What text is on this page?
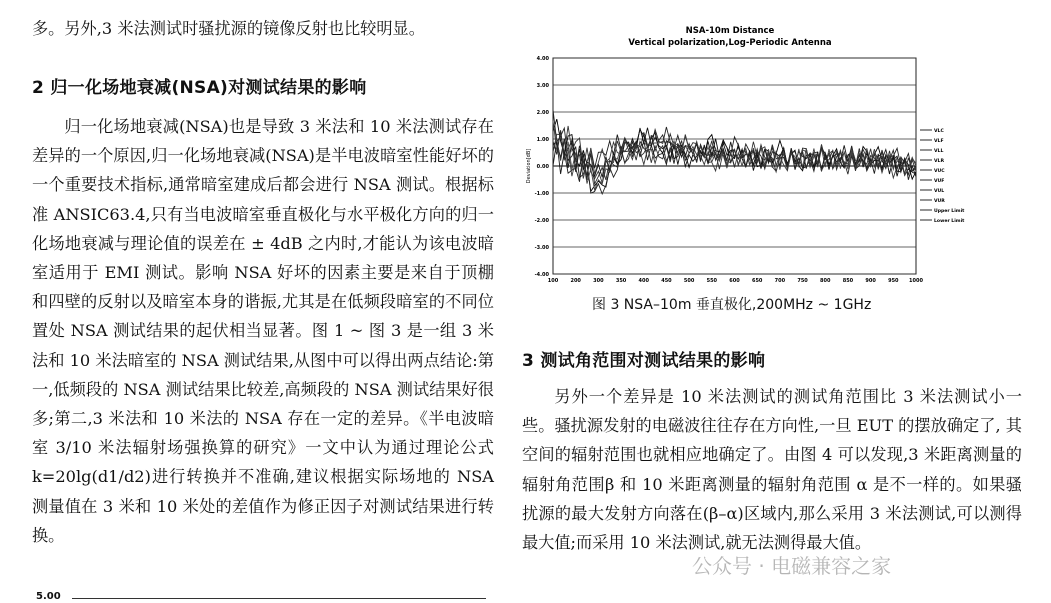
多。另外,3 米法测试时骚扰源的镜像反射也比较明显。

2 归一化场地衰减(NSA)对测试结果的影响

归一化场地衰减(NSA)也是导致 3 米法和 10 米法测试存在差异的一个原因,归一化场地衰减(NSA)是半电波暗室性能好坏的一个重要技术指标,通常暗室建成后都会进行 NSA 测试。根据标准 ANSIC63.4,只有当电波暗室垂直极化与水平极化方向的归一化场地衰减与理论值的误差在 ± 4dB 之内时,才能认为该电波暗室适用于 EMI 测试。影响 NSA 好坏的因素主要是来自于顶棚和四壁的反射以及暗室本身的谐振,尤其是在低频段暗室的不同位置处 NSA 测试结果的起伏相当显著。图 1 ~ 图 3 是一组 3 米法和 10 米法暗室的 NSA 测试结果,从图中可以得出两点结论:第一,低频段的 NSA 测试结果比较差,高频段的 NSA 测试结果好很多;第二,3 米法和 10 米法的 NSA 存在一定的差异。《半电波暗室 3/10 米法辐射场强换算的研究》一文中认为通过理论公式 k=20lg(d1/d2)进行转换并不准确,建议根据实际场地的 NSA 测量值在 3 米和 10 米处的差值作为修正因子对测试结果进行转换。

5.00
NSA-10m Distance
Vertical polarization,Log-Periodic Antenna
4.00
3.00
2.00
1.00
0.00
-1.00
-2.00
-3.00
-4.00
100 200 300 350 400 450 500 550 600 650 700 750 800 850 900 950 1000
Deviation[dB]
VLC
VLF
VLL
VLR
VUC
VUF
VUL
VUR
Upper Limit
Lower Limit
图 3 NSA–10m 垂直极化,200MHz ~ 1GHz
3 测试角范围对测试结果的影响

另外一个差异是 10 米法测试的测试角范围比 3 米法测试小一些。骚扰源发射的电磁波往往存在方向性,一旦 EUT 的摆放确定了, 其空间的辐射范围也就相应地确定了。由图 4 可以发现,3 米距离测量的辐射角范围β 和 10 米距离测量的辐射角范围 α 是不一样的。如果骚扰源的最大发射方向落在(β–α)区域内,那么采用 3 米法测试,可以测得最大值;而采用 10 米法测试,就无法测得最大值。

公众号 · 电磁兼容之家
